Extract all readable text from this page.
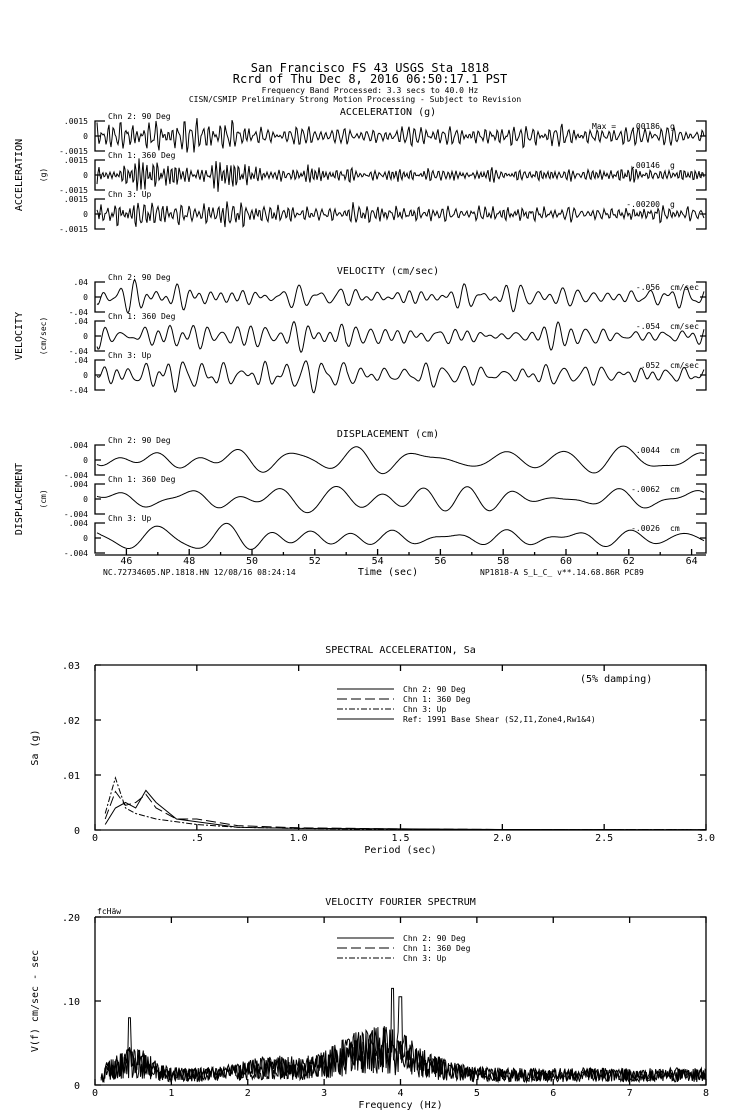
San Francisco FS 43 USGS Sta 1818
Rcrd of Thu Dec 8, 2016 06:50:17.1 PST
Frequency Band Processed: 3.3 secs to 40.0 Hz
CISN/CSMIP Preliminary Strong Motion Processing - Subject to Revision
ACCELERATION (g)
ACCELERATION (g)
Chn 2: 90 Deg
.0015
0
-.0015
Max = .00186 g
Chn 1: 360 Deg
.0015
0
-.0015
.00146 g
Chn 3: Up
.0015
0
-.0015
-.00200 g
VELOCITY (cm/sec)
VELOCITY (cm/sec)
Chn 2: 90 Deg
.04
0
-.04
-.056 cm/sec
Chn 1: 360 Deg
.04
0
-.04
-.054 cm/sec
Chn 3: Up
.04
0
-.04
.052 cm/sec
DISPLACEMENT (cm)
DISPLACEMENT (cm)
Chn 2: 90 Deg
.004
0
-.004
.0044 cm
Chn 1: 360 Deg
.004
0
-.004
-.0062 cm
Chn 3: Up
.004
0
-.004
-.0026 cm
46	48	50	52	54	56	58	60	62	64
Time (sec)
NC.72734605.NP.1818.HN 12/08/16 08:24:14	NP1818-A S_L_C_ v**.14.68.86R PC89
SPECTRAL ACCELERATION, Sa
Period (sec)
Sa (g)
0	.5	1.0	1.5	2.0	2.5	3.0
0
.01
.02
.03
(5% damping)
Chn 2: 90 Deg
Chn 1: 360 Deg
Chn 3: Up
Ref: 1991 Base Shear (S2,I1,Zone4,Rw1&4)
VELOCITY FOURIER SPECTRUM
Frequency (Hz)
V(f) cm/sec - sec
0	1	2	3	4	5	6	7	8
0
.10
.20
fcHäw
Chn 2: 90 Deg
Chn 1: 360 Deg
Chn 3: Up
